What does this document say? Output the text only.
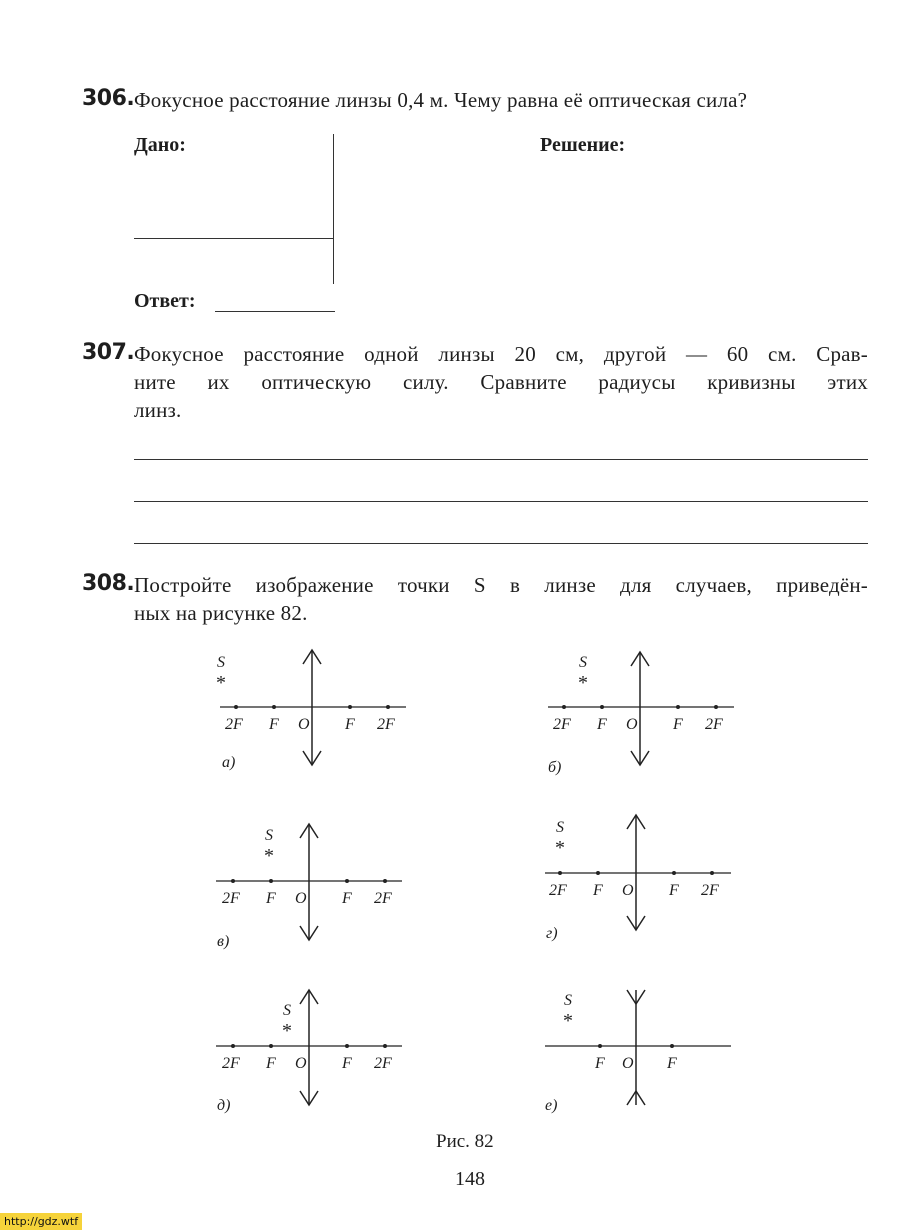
306. Фокусное расстояние линзы 0,4 м. Чему равна её оптическая сила?
Дано:	Решение:
Ответ:
307. Фокусное расстояние одной линзы 20 см, другой — 60 см. Срав-
ните их оптическую силу. Сравните радиусы кривизны этих
линз.
308. Постройте изображение точки S в линзе для случаев, приведён-
ных на рисунке 82.
2F F O F 2F
S
*
а)
2F F O F 2F
S
*
б)
2F F O F 2F
S
*
в)
2F F O F 2F
S
*
г)
2F F O F 2F
S
*
д)
F O F
S
*
е)
Рис. 82
148
http://gdz.wtf
